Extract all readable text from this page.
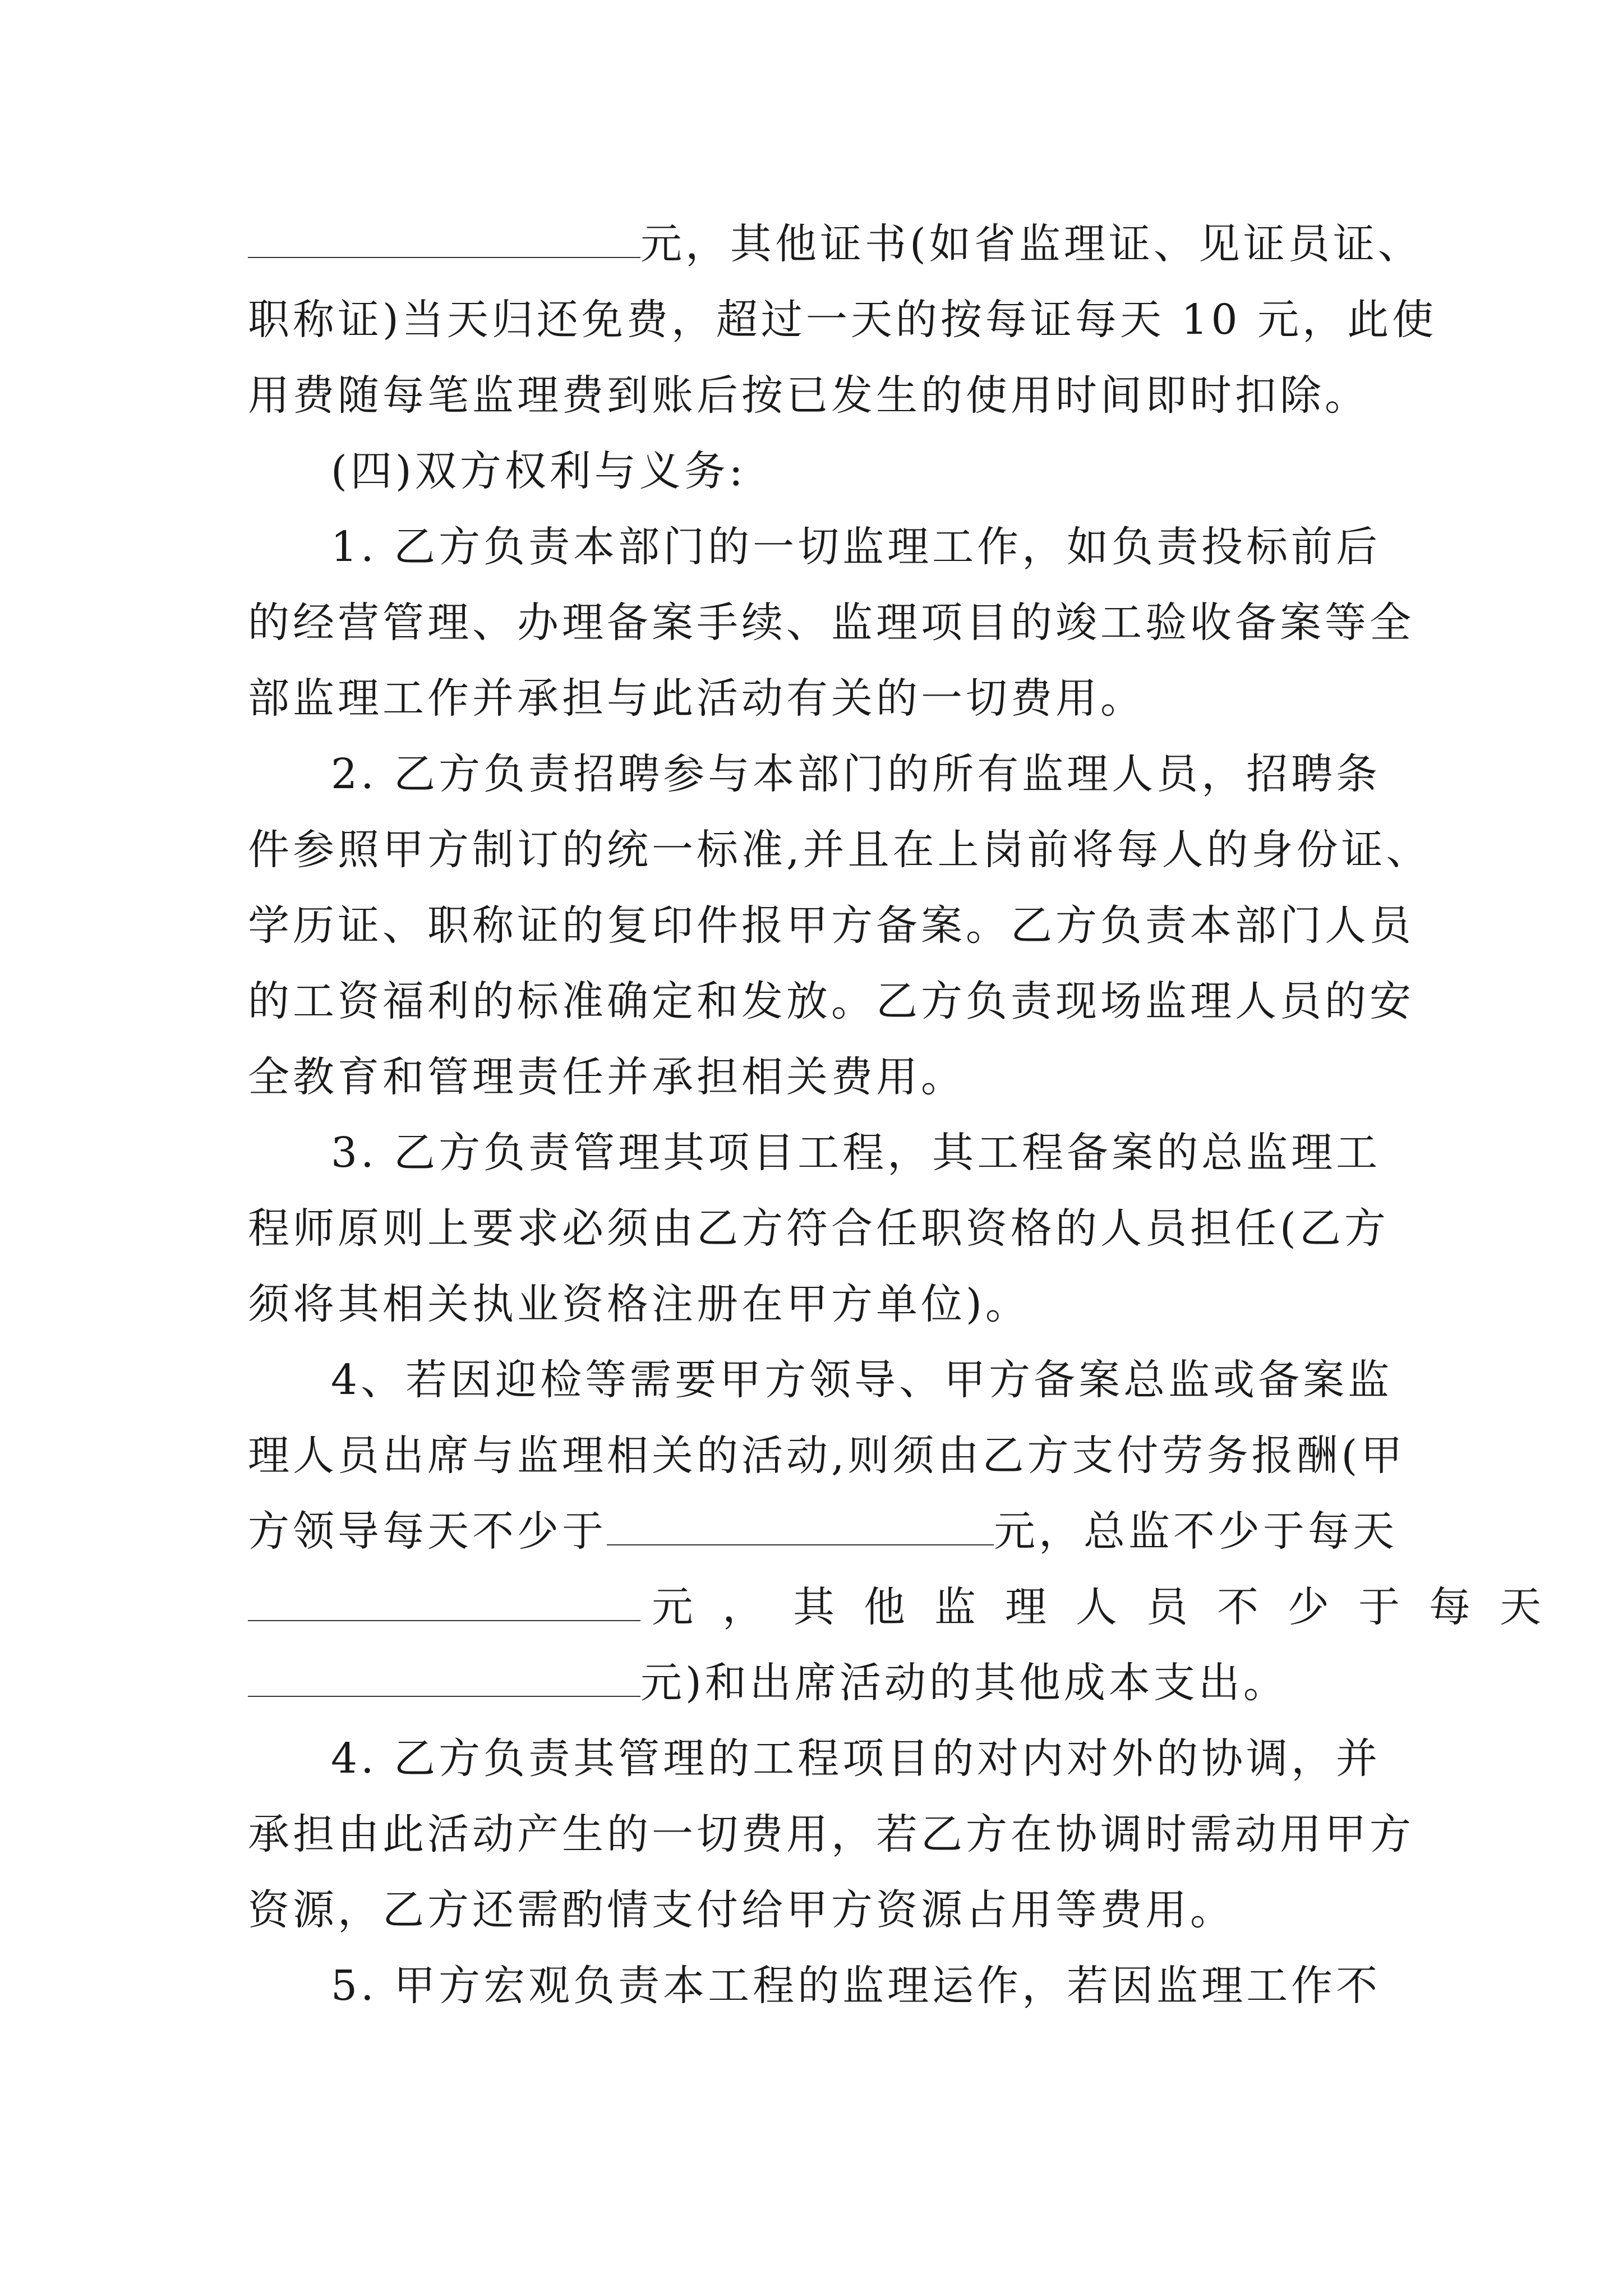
元，其他证书(如省监理证、见证员证、
职称证)当天归还免费，超过一天的按每证每天 10 元，此使
用费随每笔监理费到账后按已发生的使用时间即时扣除。
(四)双方权利与义务:
1. 乙方负责本部门的一切监理工作，如负责投标前后
的经营管理、办理备案手续、监理项目的竣工验收备案等全
部监理工作并承担与此活动有关的一切费用。
2. 乙方负责招聘参与本部门的所有监理人员，招聘条
件参照甲方制订的统一标准,并且在上岗前将每人的身份证、
学历证、职称证的复印件报甲方备案。乙方负责本部门人员
的工资福利的标准确定和发放。乙方负责现场监理人员的安
全教育和管理责任并承担相关费用。
3. 乙方负责管理其项目工程，其工程备案的总监理工
程师原则上要求必须由乙方符合任职资格的人员担任(乙方
须将其相关执业资格注册在甲方单位)。
4、若因迎检等需要甲方领导、甲方备案总监或备案监
理人员出席与监理相关的活动,则须由乙方支付劳务报酬(甲
方领导每天不少于	元，总监不少于每天
元，其他监理人员不少于每天
元)和出席活动的其他成本支出。
4. 乙方负责其管理的工程项目的对内对外的协调，并
承担由此活动产生的一切费用，若乙方在协调时需动用甲方
资源，乙方还需酌情支付给甲方资源占用等费用。
5. 甲方宏观负责本工程的监理运作，若因监理工作不
